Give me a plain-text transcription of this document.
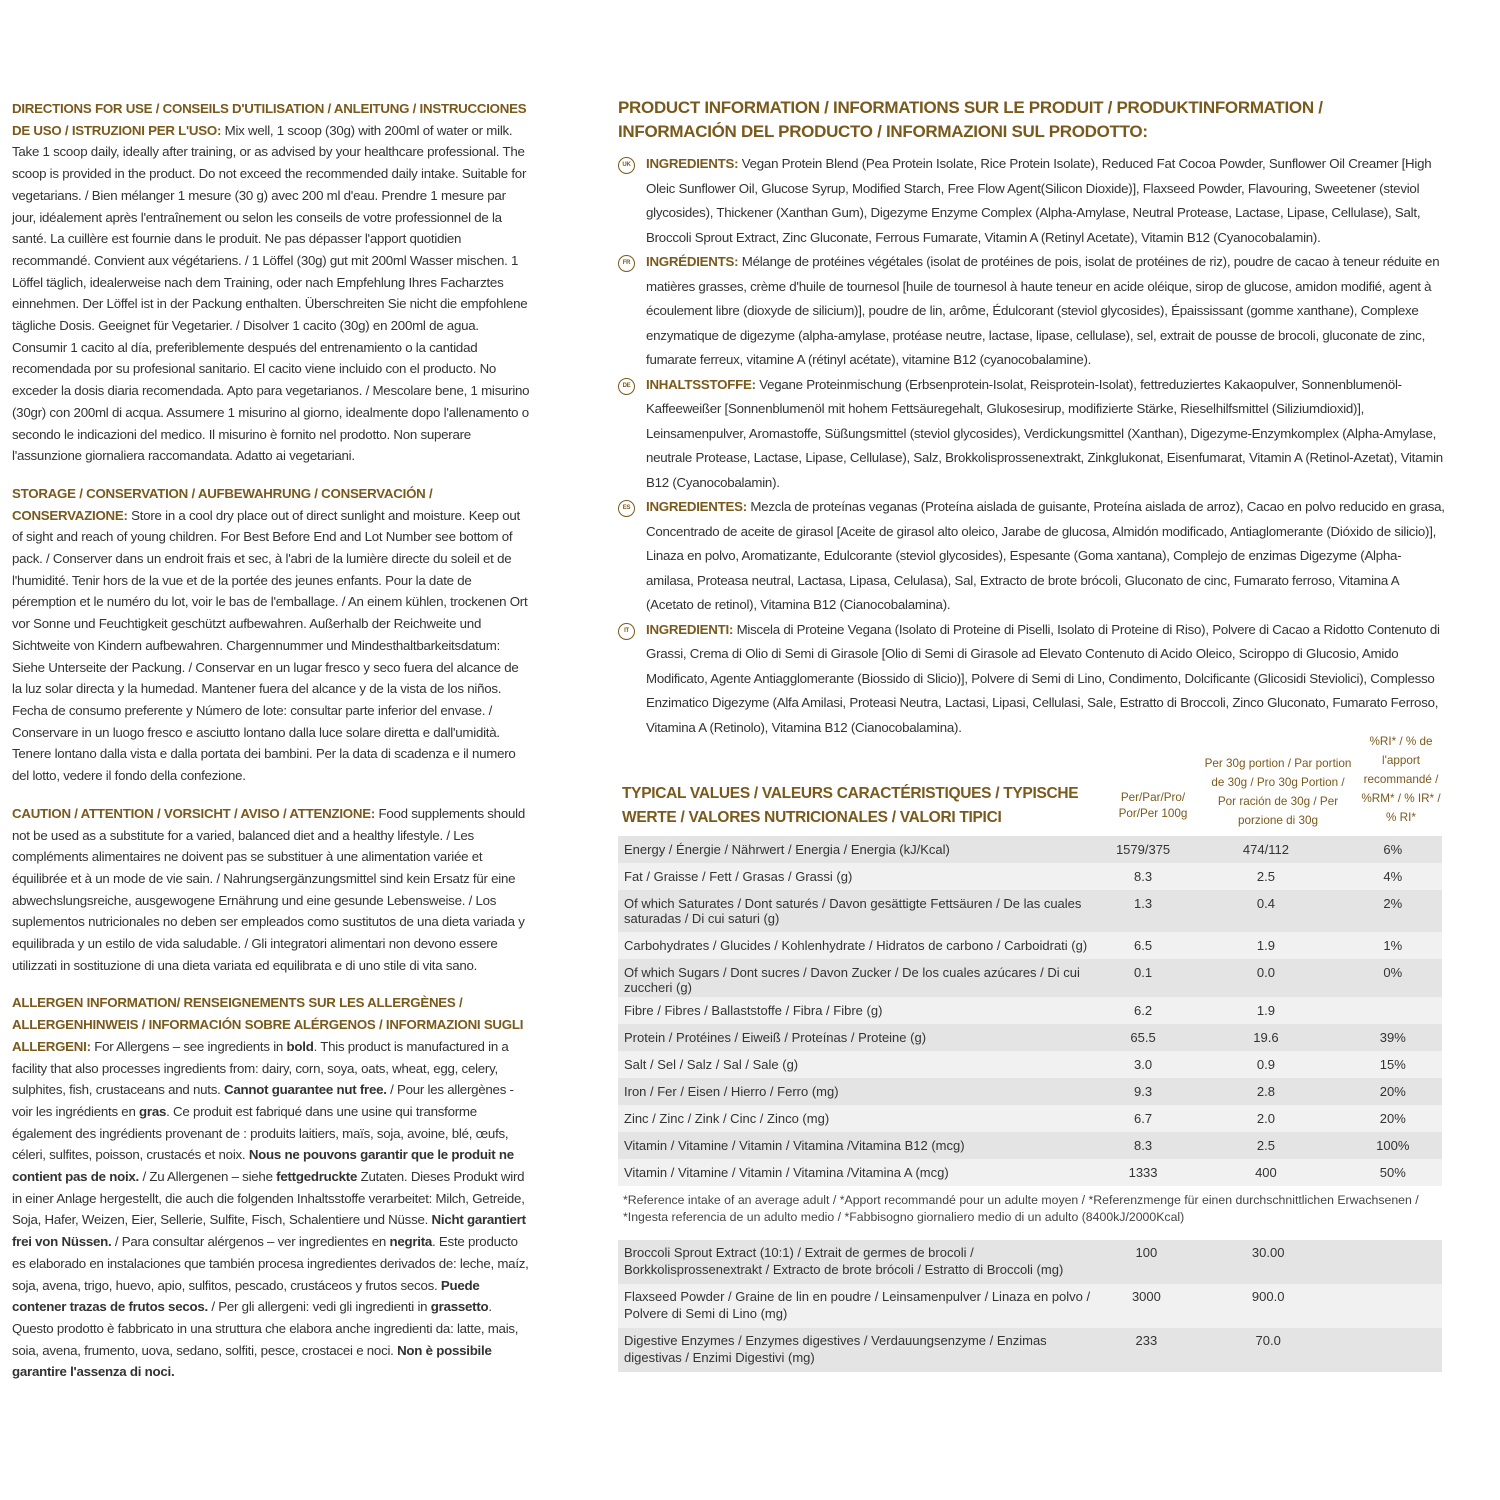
DIRECTIONS FOR USE / CONSEILS D'UTILISATION / ANLEITUNG / INSTRUCCIONES DE USO / ISTRUZIONI PER L'USO: Mix well, 1 scoop (30g) with 200ml of water or milk. Take 1 scoop daily, ideally after training, or as advised by your healthcare professional. The scoop is provided in the product. Do not exceed the recommended daily intake. Suitable for vegetarians. / Bien mélanger 1 mesure (30 g) avec 200 ml d'eau. Prendre 1 mesure par jour, idéalement après l'entraînement ou selon les conseils de votre professionnel de la santé. La cuillère est fournie dans le produit. Ne pas dépasser l'apport quotidien recommandé. Convient aux végétariens. / 1 Löffel (30g) gut mit 200ml Wasser mischen. 1 Löffel täglich, idealerweise nach dem Training, oder nach Empfehlung Ihres Facharztes einnehmen. Der Löffel ist in der Packung enthalten. Überschreiten Sie nicht die empfohlene tägliche Dosis. Geeignet für Vegetarier. / Disolver 1 cacito (30g) en 200ml de agua. Consumir 1 cacito al día, preferiblemente después del entrenamiento o la cantidad recomendada por su profesional sanitario. El cacito viene incluido con el producto. No exceder la dosis diaria recomendada. Apto para vegetarianos. / Mescolare bene, 1 misurino (30gr) con 200ml di acqua. Assumere 1 misurino al giorno, idealmente dopo l'allenamento o secondo le indicazioni del medico. Il misurino è fornito nel prodotto. Non superare l'assunzione giornaliera raccomandata. Adatto ai vegetariani.

STORAGE / CONSERVATION / AUFBEWAHRUNG / CONSERVACIÓN / CONSERVAZIONE: Store in a cool dry place out of direct sunlight and moisture. Keep out of sight and reach of young children. For Best Before End and Lot Number see bottom of pack. / Conserver dans un endroit frais et sec, à l'abri de la lumière directe du soleil et de l'humidité. Tenir hors de la vue et de la portée des jeunes enfants. Pour la date de péremption et le numéro du lot, voir le bas de l'emballage. / An einem kühlen, trockenen Ort vor Sonne und Feuchtigkeit geschützt aufbewahren. Außerhalb der Reichweite und Sichtweite von Kindern aufbewahren. Chargennummer und Mindesthaltbarkeitsdatum: Siehe Unterseite der Packung. / Conservar en un lugar fresco y seco fuera del alcance de la luz solar directa y la humedad. Mantener fuera del alcance y de la vista de los niños. Fecha de consumo preferente y Número de lote: consultar parte inferior del envase. / Conservare in un luogo fresco e asciutto lontano dalla luce solare diretta e dall'umidità. Tenere lontano dalla vista e dalla portata dei bambini. Per la data di scadenza e il numero del lotto, vedere il fondo della confezione.

CAUTION / ATTENTION / VORSICHT / AVISO / ATTENZIONE: Food supplements should not be used as a substitute for a varied, balanced diet and a healthy lifestyle. / Les compléments alimentaires ne doivent pas se substituer à une alimentation variée et équilibrée et à un mode de vie sain. / Nahrungsergänzungsmittel sind kein Ersatz für eine abwechslungsreiche, ausgewogene Ernährung und eine gesunde Lebensweise. / Los suplementos nutricionales no deben ser empleados como sustitutos de una dieta variada y equilibrada y un estilo de vida saludable. / Gli integratori alimentari non devono essere utilizzati in sostituzione di una dieta variata ed equilibrata e di uno stile di vita sano.

ALLERGEN INFORMATION/ RENSEIGNEMENTS SUR LES ALLERGÈNES / ALLERGENHINWEIS / INFORMACIÓN SOBRE ALÉRGENOS / INFORMAZIONI SUGLI ALLERGENI: For Allergens – see ingredients in bold. This product is manufactured in a facility that also processes ingredients from: dairy, corn, soya, oats, wheat, egg, celery, sulphites, fish, crustaceans and nuts. Cannot guarantee nut free. / Pour les allergènes - voir les ingrédients en gras. Ce produit est fabriqué dans une usine qui transforme également des ingrédients provenant de : produits laitiers, maïs, soja, avoine, blé, œufs, céleri, sulfites, poisson, crustacés et noix. Nous ne pouvons garantir que le produit ne contient pas de noix. / Zu Allergenen – siehe fettgedruckte Zutaten. Dieses Produkt wird in einer Anlage hergestellt, die auch die folgenden Inhaltsstoffe verarbeitet: Milch, Getreide, Soja, Hafer, Weizen, Eier, Sellerie, Sulfite, Fisch, Schalentiere und Nüsse. Nicht garantiert frei von Nüssen. / Para consultar alérgenos – ver ingredientes en negrita. Este producto es elaborado en instalaciones que también procesa ingredientes derivados de: leche, maíz, soja, avena, trigo, huevo, apio, sulfitos, pescado, crustáceos y frutos secos. Puede contener trazas de frutos secos. / Per gli allergeni: vedi gli ingredienti in grassetto. Questo prodotto è fabbricato in una struttura che elabora anche ingredienti da: latte, mais, soia, avena, frumento, uova, sedano, solfiti, pesce, crostacei e noci. Non è possibile garantire l'assenza di noci.

PRODUCT INFORMATION / INFORMATIONS SUR LE PRODUIT / PRODUKTINFORMATION /
INFORMACIÓN DEL PRODUCTO / INFORMAZIONI SUL PRODOTTO:
UK	INGREDIENTS: Vegan Protein Blend (Pea Protein Isolate, Rice Protein Isolate), Reduced Fat Cocoa Powder, Sunflower Oil Creamer [High Oleic Sunflower Oil, Glucose Syrup, Modified Starch, Free Flow Agent(Silicon Dioxide)], Flaxseed Powder, Flavouring, Sweetener (steviol glycosides), Thickener (Xanthan Gum), Digezyme Enzyme Complex (Alpha-Amylase, Neutral Protease, Lactase, Lipase, Cellulase), Salt, Broccoli Sprout Extract, Zinc Gluconate, Ferrous Fumarate, Vitamin A (Retinyl Acetate), Vitamin B12 (Cyanocobalamin).
FR	INGRÉDIENTS: Mélange de protéines végétales (isolat de protéines de pois, isolat de protéines de riz), poudre de cacao à teneur réduite en matières grasses, crème d'huile de tournesol [huile de tournesol à haute teneur en acide oléique, sirop de glucose, amidon modifié, agent à écoulement libre (dioxyde de silicium)], poudre de lin, arôme, Édulcorant (steviol glycosides), Épaississant (gomme xanthane), Complexe enzymatique de digezyme (alpha-amylase, protéase neutre, lactase, lipase, cellulase), sel, extrait de pousse de brocoli, gluconate de zinc, fumarate ferreux, vitamine A (rétinyl acétate), vitamine B12 (cyanocobalamine).
DE	INHALTSSTOFFE: Vegane Proteinmischung (Erbsenprotein-Isolat, Reisprotein-Isolat), fettreduziertes Kakaopulver, Sonnenblumenöl-Kaffeeweißer [Sonnenblumenöl mit hohem Fettsäuregehalt, Glukosesirup, modifizierte Stärke, Rieselhilfsmittel (Siliziumdioxid)], Leinsamenpulver, Aromastoffe, Süßungsmittel (steviol glycosides), Verdickungsmittel (Xanthan), Digezyme-Enzymkomplex (Alpha-Amylase, neutrale Protease, Lactase, Lipase, Cellulase), Salz, Brokkolisprossenextrakt, Zinkglukonat, Eisenfumarat, Vitamin A (Retinol-Azetat), Vitamin B12 (Cyanocobalamin).
ES	INGREDIENTES: Mezcla de proteínas veganas (Proteína aislada de guisante, Proteína aislada de arroz), Cacao en polvo reducido en grasa, Concentrado de aceite de girasol [Aceite de girasol alto oleico, Jarabe de glucosa, Almidón modificado, Antiaglomerante (Dióxido de silicio)], Linaza en polvo, Aromatizante, Edulcorante (steviol glycosides), Espesante (Goma xantana), Complejo de enzimas Digezyme (Alpha-amilasa, Proteasa neutral, Lactasa, Lipasa, Celulasa), Sal, Extracto de brote brócoli, Gluconato de cinc, Fumarato ferroso, Vitamina A (Acetato de retinol), Vitamina B12 (Cianocobalamina).
IT	INGREDIENTI: Miscela di Proteine Vegana (Isolato di Proteine di Piselli, Isolato di Proteine di Riso), Polvere di Cacao a Ridotto Contenuto di Grassi, Crema di Olio di Semi di Girasole [Olio di Semi di Girasole ad Elevato Contenuto di Acido Oleico, Sciroppo di Glucosio, Amido Modificato, Agente Antiagglomerante (Biossido di Slicio)], Polvere di Semi di Lino, Condimento, Dolcificante (Glicosidi Steviolici), Complesso Enzimatico Digezyme (Alfa Amilasi, Proteasi Neutra, Lactasi, Lipasi, Cellulasi, Sale, Estratto di Broccoli, Zinco Gluconato, Fumarato Ferroso, Vitamina A (Retinolo), Vitamina B12 (Cianocobalamina).
TYPICAL VALUES / VALEURS CARACTÉRISTIQUES / TYPISCHE WERTE / VALORES NUTRICIONALES / VALORI TIPICI
Per/Par/Pro/ Por/Per 100g
Per 30g portion / Par portion de 30g / Pro 30g Portion / Por ración de 30g / Per porzione di 30g
%RI* / % de l'apport recommandé / %RM* / % IR* / % RI*
Energy / Énergie / Nährwert / Energia / Energia (kJ/Kcal)	1579/375	474/112	6%
Fat / Graisse / Fett / Grasas / Grassi (g)	8.3	2.5	4%
Of which Saturates / Dont saturés / Davon gesättigte Fettsäuren / De las cuales saturadas / Di cui saturi (g)	1.3	0.4	2%
Carbohydrates / Glucides / Kohlenhydrate / Hidratos de carbono / Carboidrati (g)	6.5	1.9	1%
Of which Sugars / Dont sucres / Davon Zucker / De los cuales azúcares / Di cui zuccheri (g)	0.1	0.0	0%
Fibre / Fibres / Ballaststoffe / Fibra / Fibre (g)	6.2	1.9	
Protein / Protéines / Eiweiß / Proteínas / Proteine (g)	65.5	19.6	39%
Salt / Sel / Salz / Sal / Sale (g)	3.0	0.9	15%
Iron / Fer / Eisen / Hierro / Ferro (mg)	9.3	2.8	20%
Zinc / Zinc / Zink / Cinc / Zinco (mg)	6.7	2.0	20%
Vitamin / Vitamine / Vitamin / Vitamina /Vitamina B12 (mcg)	8.3	2.5	100%
Vitamin / Vitamine / Vitamin / Vitamina /Vitamina A (mcg)	1333	400	50%
*Reference intake of an average adult / *Apport recommandé pour un adulte moyen / *Referenzmenge für einen durchschnittlichen Erwachsenen / *Ingesta referencia de un adulto medio / *Fabbisogno giornaliero medio di un adulto (8400kJ/2000Kcal)
Broccoli Sprout Extract (10:1) / Extrait de germes de brocoli / Borkkolisprossenextrakt / Extracto de brote brócoli / Estratto di Broccoli (mg)	100	30.00	
Flaxseed Powder / Graine de lin en poudre / Leinsamenpulver / Linaza en polvo / Polvere di Semi di Lino (mg)	3000	900.0	
Digestive Enzymes / Enzymes digestives / Verdauungsenzyme / Enzimas digestivas / Enzimi Digestivi (mg)	233	70.0	
